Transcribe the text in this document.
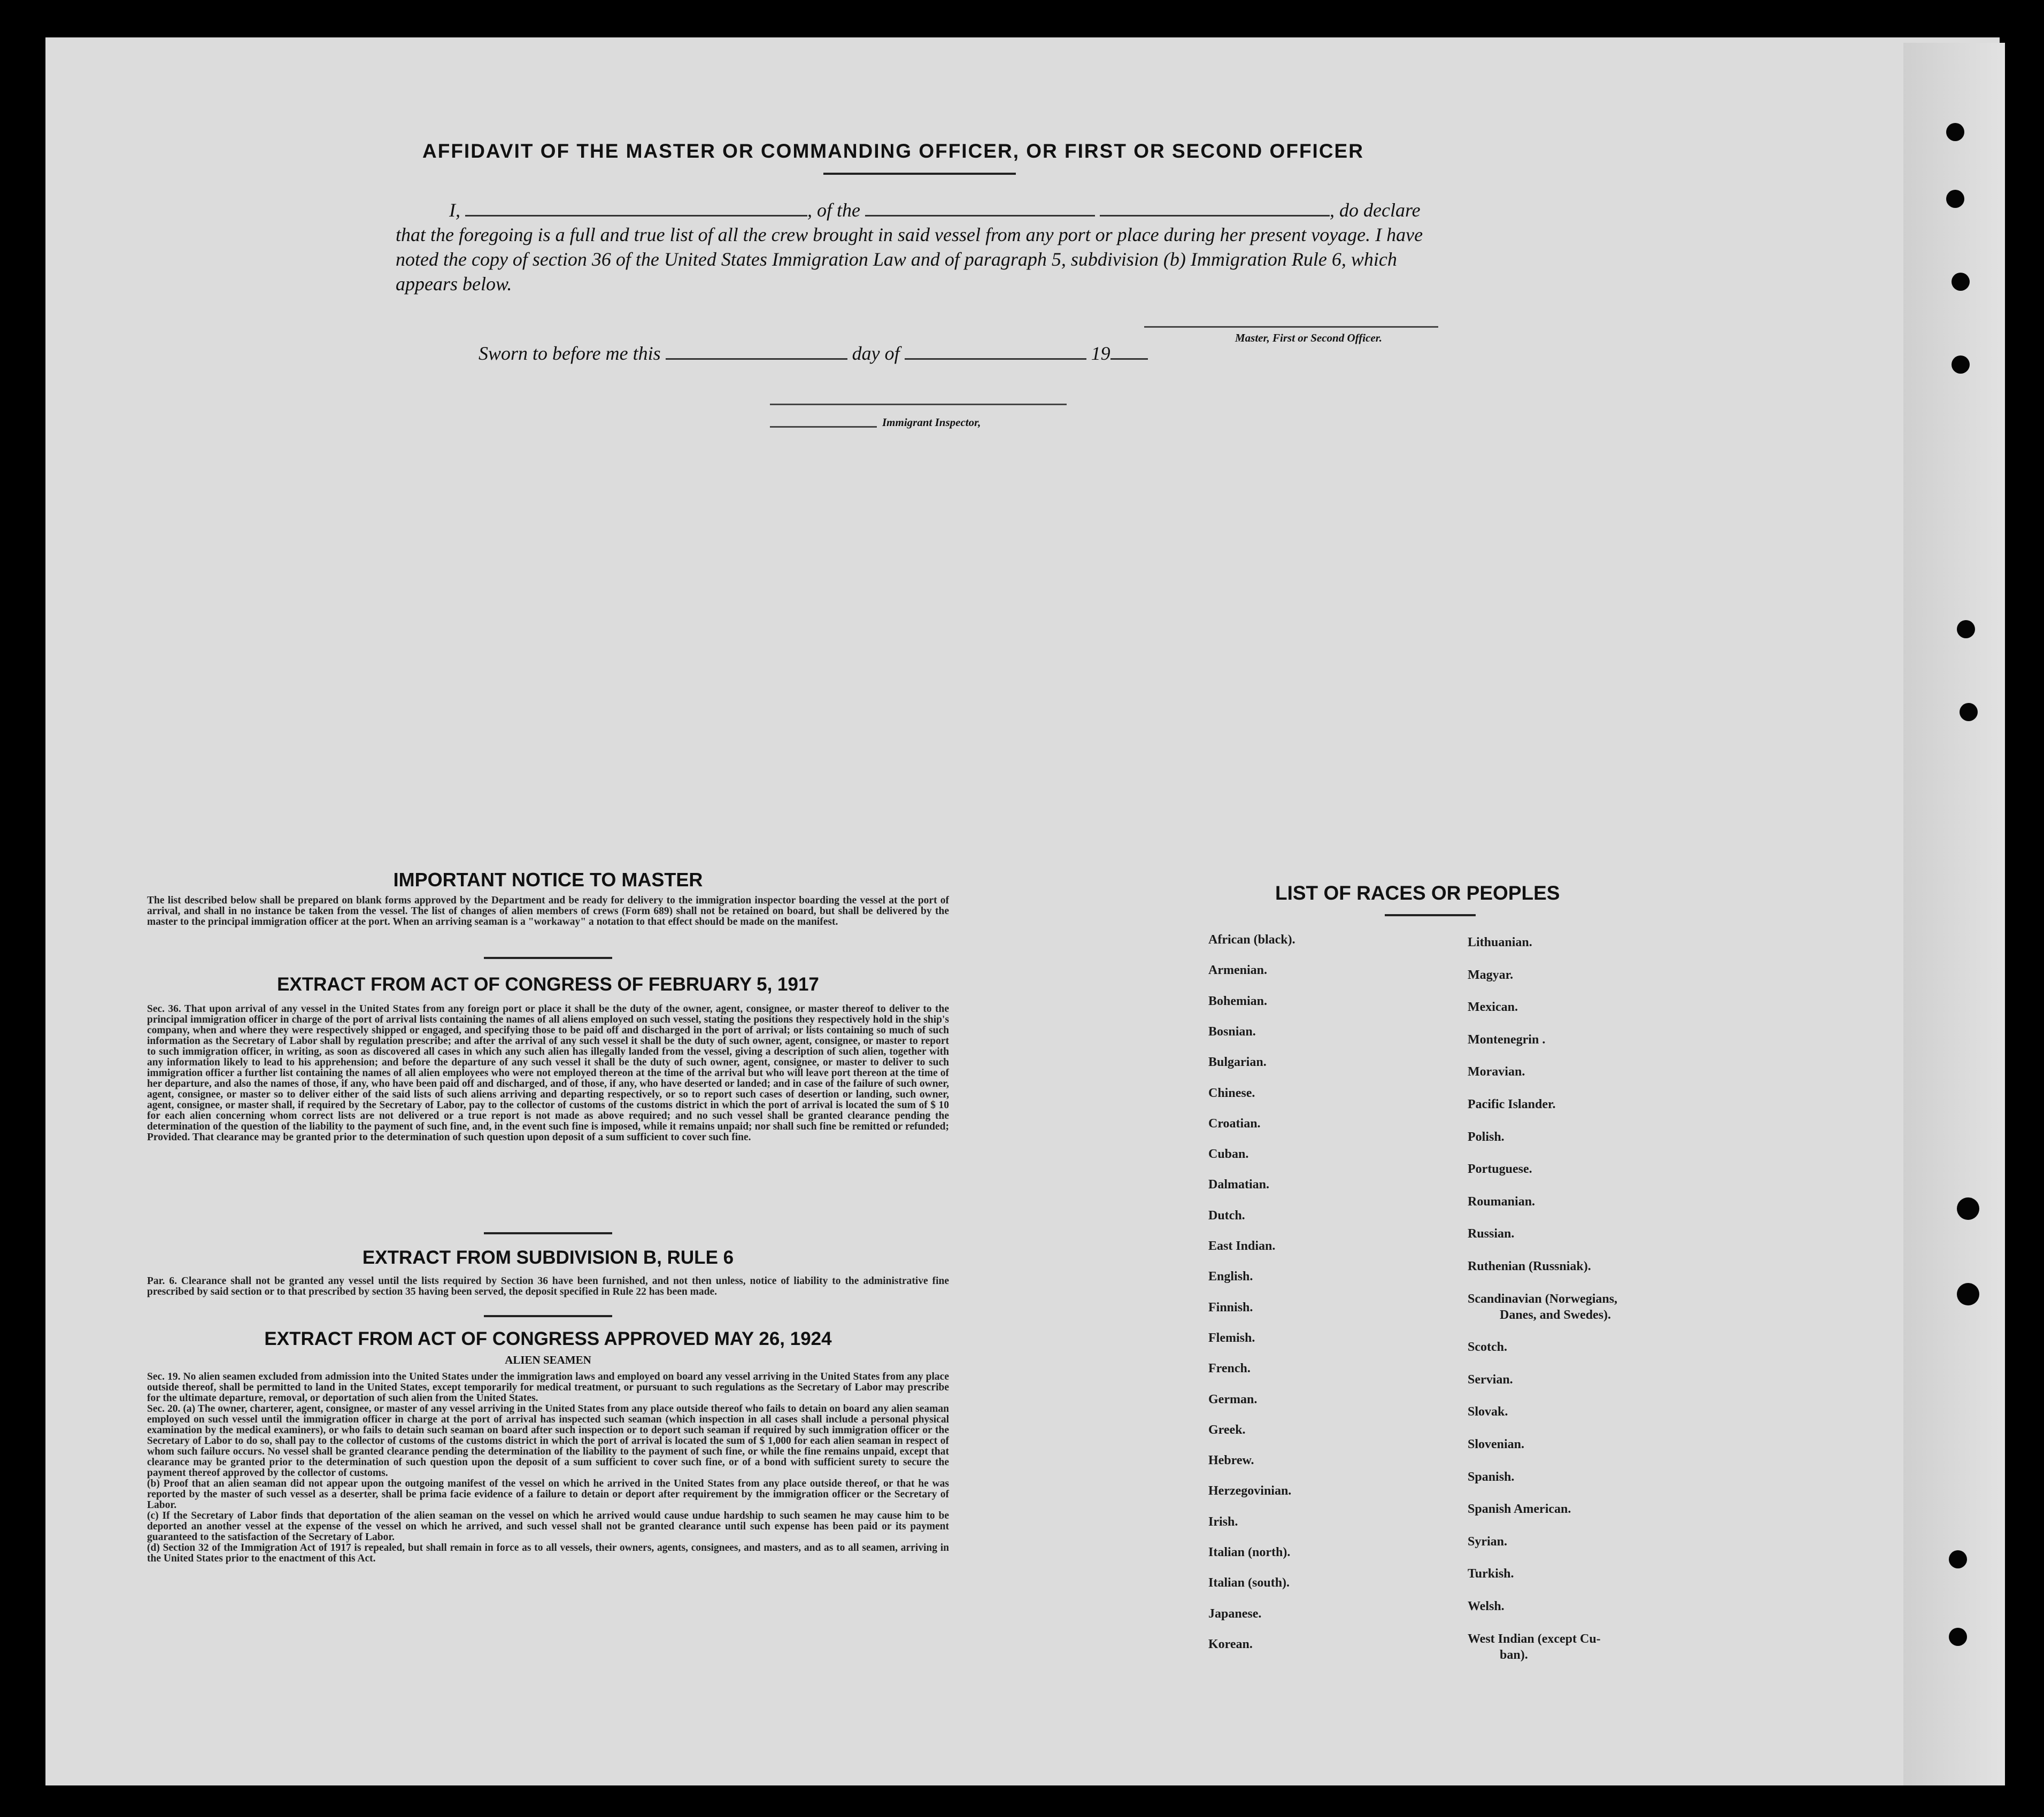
AFFIDAVIT OF THE MASTER OR COMMANDING OFFICER, OR FIRST OR SECOND OFFICER
I,	, of the	, do declare
that the foregoing is a full and true list of all the crew brought in said vessel from any port or place during her present voyage. I have noted the copy of section 36 of the United States Immigration Law and of paragraph 5, subdivision (b) Immigration Rule 6, which appears below.
Master, First or Second Officer.
Sworn to before me this	day of	19
Immigrant Inspector,
IMPORTANT NOTICE TO MASTER
The list described below shall be prepared on blank forms approved by the Department and be ready for delivery to the immigration inspector boarding the vessel at the port of arrival, and shall in no instance be taken from the vessel. The list of changes of alien members of crews (Form 689) shall not be retained on board, but shall be delivered by the master to the principal immigration officer at the port. When an arriving seaman is a "workaway" a notation to that effect should be made on the manifest.
EXTRACT FROM ACT OF CONGRESS OF FEBRUARY 5, 1917
Sec. 36. That upon arrival of any vessel in the United States from any foreign port or place it shall be the duty of the owner, agent, consignee, or master thereof to deliver to the principal immigration officer in charge of the port of arrival lists containing the names of all aliens employed on such vessel, stating the positions they respectively hold in the ship's company, when and where they were respectively shipped or engaged, and specifying those to be paid off and discharged in the port of arrival; or lists containing so much of such information as the Secretary of Labor shall by regulation prescribe; and after the arrival of any such vessel it shall be the duty of such owner, agent, consignee, or master to report to such immigration officer, in writing, as soon as discovered all cases in which any such alien has illegally landed from the vessel, giving a description of such alien, together with any information likely to lead to his apprehension; and before the departure of any such vessel it shall be the duty of such owner, agent, consignee, or master to deliver to such immigration officer a further list containing the names of all alien employees who were not employed thereon at the time of the arrival but who will leave port thereon at the time of her departure, and also the names of those, if any, who have been paid off and discharged, and of those, if any, who have deserted or landed; and in case of the failure of such owner, agent, consignee, or master so to deliver either of the said lists of such aliens arriving and departing respectively, or so to report such cases of desertion or landing, such owner, agent, consignee, or master shall, if required by the Secretary of Labor, pay to the collector of customs of the customs district in which the port of arrival is located the sum of $ 10 for each alien concerning whom correct lists are not delivered or a true report is not made as above required; and no such vessel shall be granted clearance pending the determination of the question of the liability to the payment of such fine, and, in the event such fine is imposed, while it remains unpaid; nor shall such fine be remitted or refunded; Provided. That clearance may be granted prior to the determination of such question upon deposit of a sum sufficient to cover such fine.
EXTRACT FROM SUBDIVISION B, RULE 6
Par. 6. Clearance shall not be granted any vessel until the lists required by Section 36 have been furnished, and not then unless, notice of liability to the administrative fine prescribed by said section or to that prescribed by section 35 having been served, the deposit specified in Rule 22 has been made.
EXTRACT FROM ACT OF CONGRESS APPROVED MAY 26, 1924
ALIEN SEAMEN
Sec. 19. No alien seamen excluded from admission into the United States under the immigration laws and employed on board any vessel arriving in the United States from any place outside thereof, shall be permitted to land in the United States, except temporarily for medical treatment, or pursuant to such regulations as the Secretary of Labor may prescribe for the ultimate departure, removal, or deportation of such alien from the United States.
Sec. 20. (a) The owner, charterer, agent, consignee, or master of any vessel arriving in the United States from any place outside thereof who fails to detain on board any alien seaman employed on such vessel until the immigration officer in charge at the port of arrival has inspected such seaman (which inspection in all cases shall include a personal physical examination by the medical examiners), or who fails to detain such seaman on board after such inspection or to deport such seaman if required by such immigration officer or the Secretary of Labor to do so, shall pay to the collector of customs of the customs district in which the port of arrival is located the sum of $ 1,000 for each alien seaman in respect of whom such failure occurs. No vessel shall be granted clearance pending the determination of the liability to the payment of such fine, or while the fine remains unpaid, except that clearance may be granted prior to the determination of such question upon the deposit of a sum sufficient to cover such fine, or of a bond with sufficient surety to secure the payment thereof approved by the collector of customs.
(b) Proof that an alien seaman did not appear upon the outgoing manifest of the vessel on which he arrived in the United States from any place outside thereof, or that he was reported by the master of such vessel as a deserter, shall be prima facie evidence of a failure to detain or deport after requirement by the immigration officer or the Secretary of Labor.
(c) If the Secretary of Labor finds that deportation of the alien seaman on the vessel on which he arrived would cause undue hardship to such seamen he may cause him to be deported an another vessel at the expense of the vessel on which he arrived, and such vessel shall not be granted clearance until such expense has been paid or its payment guaranteed to the satisfaction of the Secretary of Labor.
(d) Section 32 of the Immigration Act of 1917 is repealed, but shall remain in force as to all vessels, their owners, agents, consignees, and masters, and as to all seamen, arriving in the United States prior to the enactment of this Act.
LIST OF RACES OR PEOPLES
African (black).
Armenian.
Bohemian.
Bosnian.
Bulgarian.
Chinese.
Croatian.
Cuban.
Dalmatian.
Dutch.
East Indian.
English.
Finnish.
Flemish.
French.
German.
Greek.
Hebrew.
Herzegovinian.
Irish.
Italian (north).
Italian (south).
Japanese.
Korean.
Lithuanian.
Magyar.
Mexican.
Montenegrin .
Moravian.
Pacific Islander.
Polish.
Portuguese.
Roumanian.
Russian.
Ruthenian (Russniak).
Scandinavian (Norwegians,
Danes, and Swedes).
Scotch.
Servian.
Slovak.
Slovenian.
Spanish.
Spanish American.
Syrian.
Turkish.
Welsh.
West Indian (except Cu-
ban).
